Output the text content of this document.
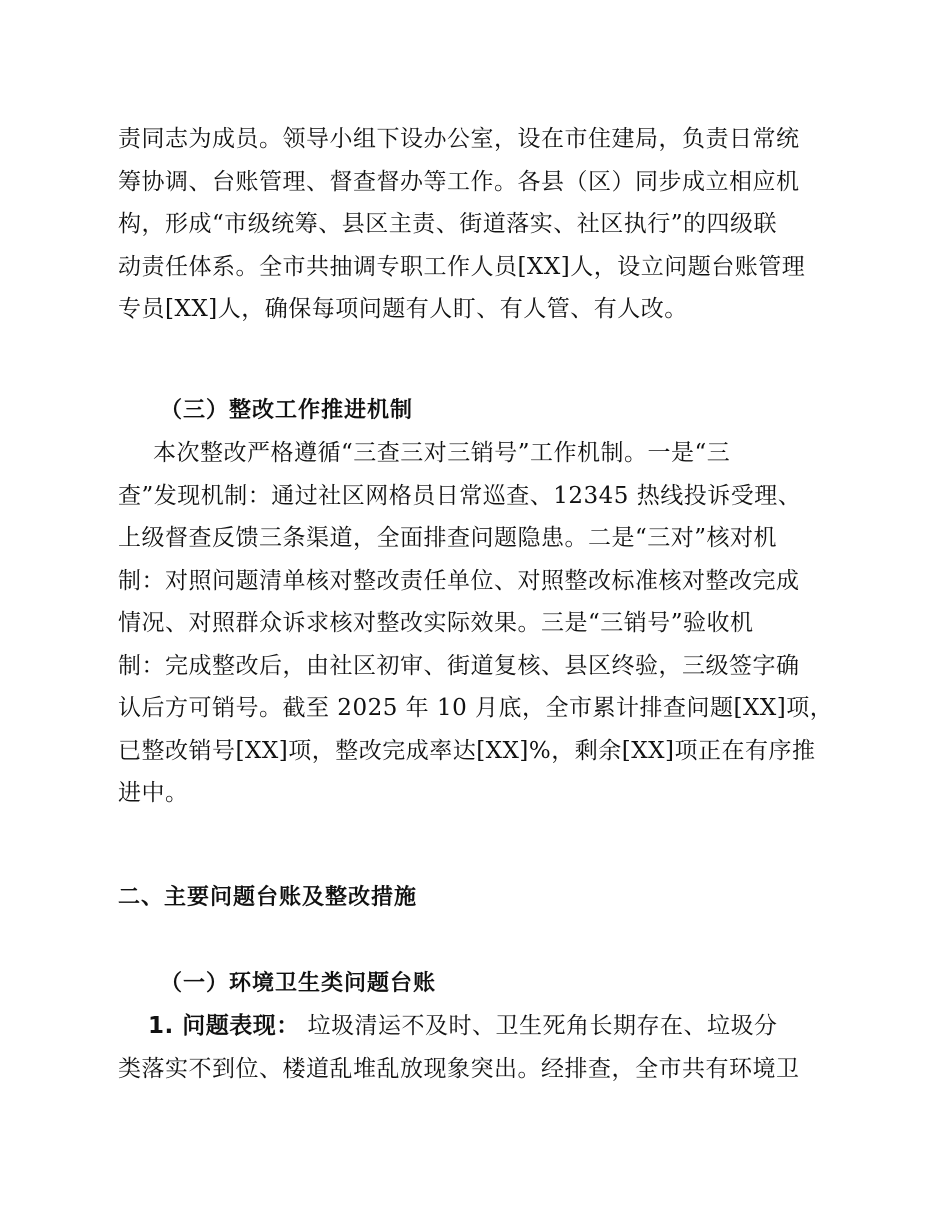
责同志为成员。领导小组下设办公室，设在市住建局，负责日常统
筹协调、台账管理、督查督办等工作。各县（区）同步成立相应机
构，形成“市级统筹、县区主责、街道落实、社区执行”的四级联
动责任体系。全市共抽调专职工作人员[XX]人，设立问题台账管理
专员[XX]人，确保每项问题有人盯、有人管、有人改。

（三）整改工作推进机制

本次整改严格遵循“三查三对三销号”工作机制。一是“三
查”发现机制：通过社区网格员日常巡查、12345 热线投诉受理、
上级督查反馈三条渠道，全面排查问题隐患。二是“三对”核对机
制：对照问题清单核对整改责任单位、对照整改标准核对整改完成
情况、对照群众诉求核对整改实际效果。三是“三销号”验收机
制：完成整改后，由社区初审、街道复核、县区终验，三级签字确
认后方可销号。截至 2025 年 10 月底，全市累计排查问题[XX]项，
已整改销号[XX]项，整改完成率达[XX]%，剩余[XX]项正在有序推
进中。

二、主要问题台账及整改措施
（一）环境卫生类问题台账

1. 问题表现： 垃圾清运不及时、卫生死角长期存在、垃圾分
类落实不到位、楼道乱堆乱放现象突出。经排查，全市共有环境卫
